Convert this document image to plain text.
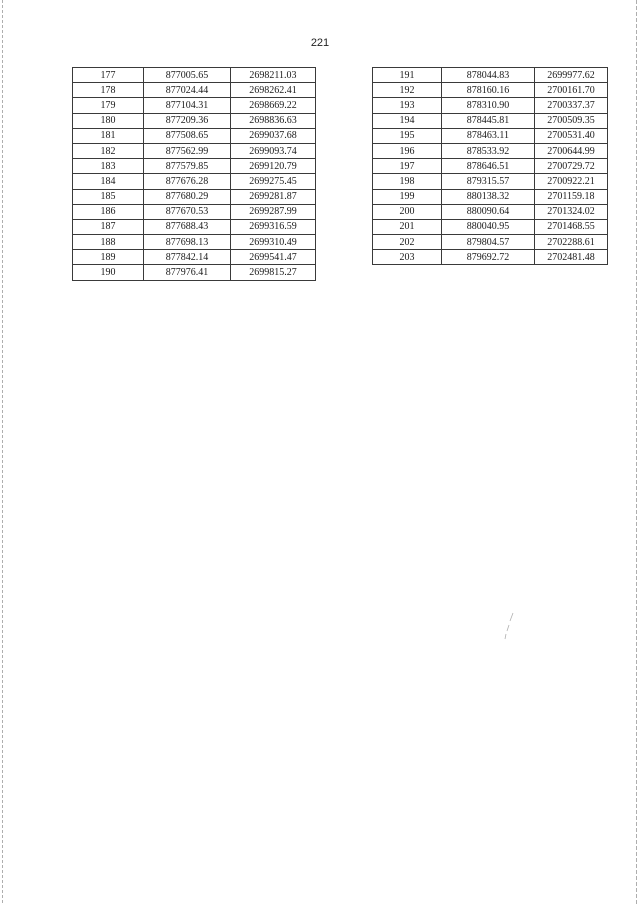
221
177	877005.65	2698211.03
178	877024.44	2698262.41
179	877104.31	2698669.22
180	877209.36	2698836.63
181	877508.65	2699037.68
182	877562.99	2699093.74
183	877579.85	2699120.79
184	877676.28	2699275.45
185	877680.29	2699281.87
186	877670.53	2699287.99
187	877688.43	2699316.59
188	877698.13	2699310.49
189	877842.14	2699541.47
190	877976.41	2699815.27
191	878044.83	2699977.62
192	878160.16	2700161.70
193	878310.90	2700337.37
194	878445.81	2700509.35
195	878463.11	2700531.40
196	878533.92	2700644.99
197	878646.51	2700729.72
198	879315.57	2700922.21
199	880138.32	2701159.18
200	880090.64	2701324.02
201	880040.95	2701468.55
202	879804.57	2702288.61
203	879692.72	2702481.48
